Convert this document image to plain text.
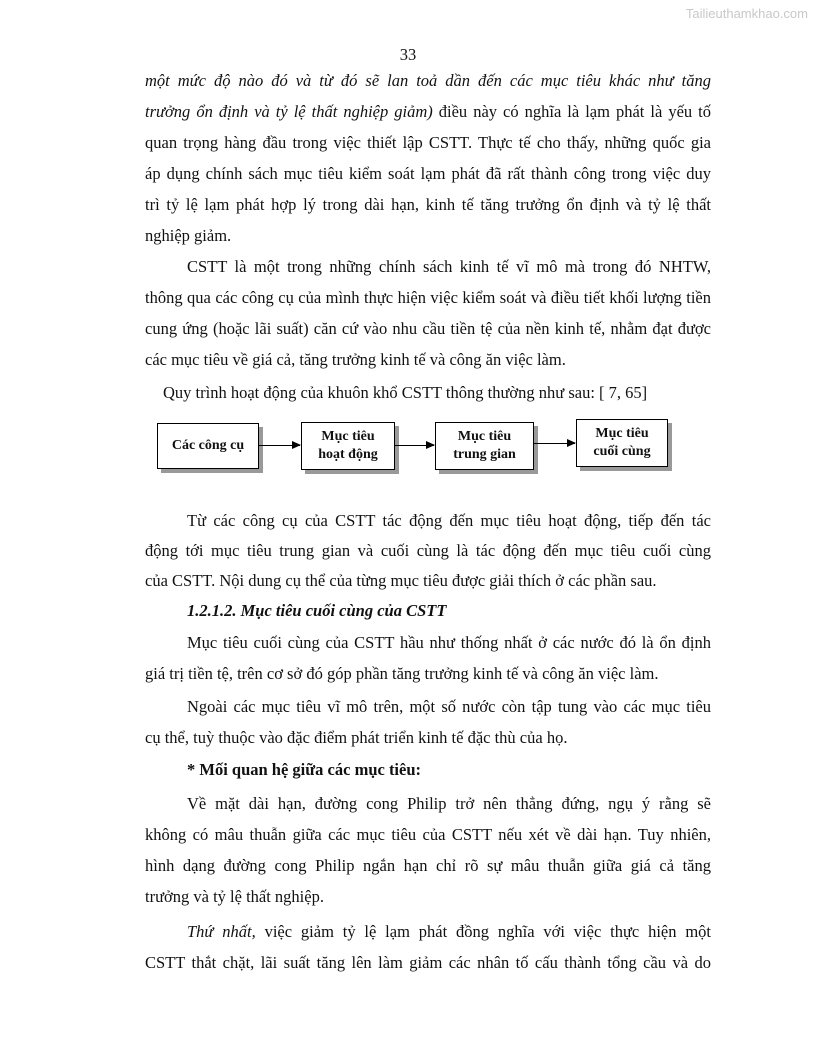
Tailieuthamkhao.com
33
một mức độ nào đó và từ đó sẽ lan toả dần đến các mục tiêu khác như tăng
trưởng ổn định và tỷ lệ thất nghiệp giảm) điều này có nghĩa là lạm phát là yếu tố
quan trọng hàng đầu trong việc thiết lập CSTT. Thực tế cho thấy, những quốc gia
áp dụng chính sách mục tiêu kiểm soát lạm phát đã rất thành công trong việc duy
trì tỷ lệ lạm phát hợp lý trong dài hạn, kinh tế tăng trưởng ổn định và tỷ lệ thất
nghiệp giảm.
CSTT là một trong những chính sách kinh tế vĩ mô mà trong đó NHTW,
thông qua các công cụ của mình thực hiện việc kiểm soát và điều tiết khối lượng tiền
cung ứng (hoặc lãi suất) căn cứ vào nhu cầu tiền tệ của nền kinh tế, nhằm đạt được
các mục tiêu về giá cả, tăng trưởng kinh tế và công ăn việc làm.
Quy trình hoạt động của khuôn khổ CSTT thông thường như sau: [ 7, 65]
Các công cụ
Mục tiêu
hoạt động
Mục tiêu
trung gian
Mục tiêu
cuối cùng
Từ các công cụ của CSTT tác động đến mục tiêu hoạt động, tiếp đến tác
động tới mục tiêu trung gian và cuối cùng là tác động đến mục tiêu cuối cùng
của CSTT. Nội dung cụ thể của từng mục tiêu được giải thích ở các phần sau.
1.2.1.2. Mục tiêu cuối cùng của CSTT
Mục tiêu cuối cùng của CSTT hầu như thống nhất ở các nước đó là ổn định
giá trị tiền tệ, trên cơ sở đó góp phần tăng trưởng kinh tế và công ăn việc làm.
Ngoài các mục tiêu vĩ mô trên, một số nước còn tập tung vào các mục tiêu
cụ thể, tuỳ thuộc vào đặc điểm phát triển kinh tế đặc thù của họ.
* Mối quan hệ giữa các mục tiêu:
Về mặt dài hạn, đường cong Philip trở nên thẳng đứng, ngụ ý rằng sẽ
không có mâu thuẫn giữa các mục tiêu của CSTT nếu xét về dài hạn. Tuy nhiên,
hình dạng đường cong Philip ngắn hạn chỉ rõ sự mâu thuẫn giữa giá cả tăng
trưởng và tỷ lệ thất nghiệp.
Thứ nhất, việc giảm tỷ lệ lạm phát đồng nghĩa với việc thực hiện một
CSTT thắt chặt, lãi suất tăng lên làm giảm các nhân tố cấu thành tổng cầu và do
